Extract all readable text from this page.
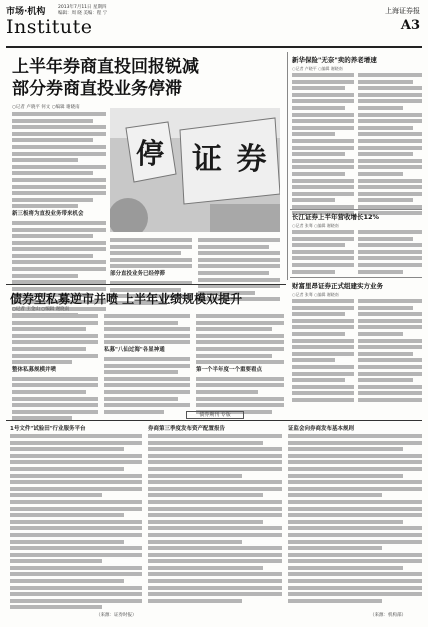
市场·机构	2013年7月11日 星期四
编辑：周 晓 美编：程 宁
Institute
上海证券报
A3
上半年券商直投回报锐减
部分券商直投业务停滞
○记者 卢晓平 何文 ○编辑 谢晓南
新三板将为直投业务带来机会
停 证 券
部分直投业务已经停滞
新华保险"无奈"卖的养老增速
○记者 卢晓平 ○编辑 谢晓南
长江证券上半年营收增长12%
○记者 张骞 ○编辑 谢晓南
债券型私募逆市并喷 上半年业绩规模双提升
○记者 王金山 ○编辑 谢晓南
整体私募规模并喷
私募"八仙过海"各显神通
第一个半年度一个重要看点
财富里昂证券正式组建实方业务
○记者 张骞 ○编辑 谢晓南
债券期刊 专版
1号文件"试验田"行业服务平台	券商第三季度发布资产配置报告	证监会向券商发布基本规则
（来源：证券时报）	（来源：机构部）
